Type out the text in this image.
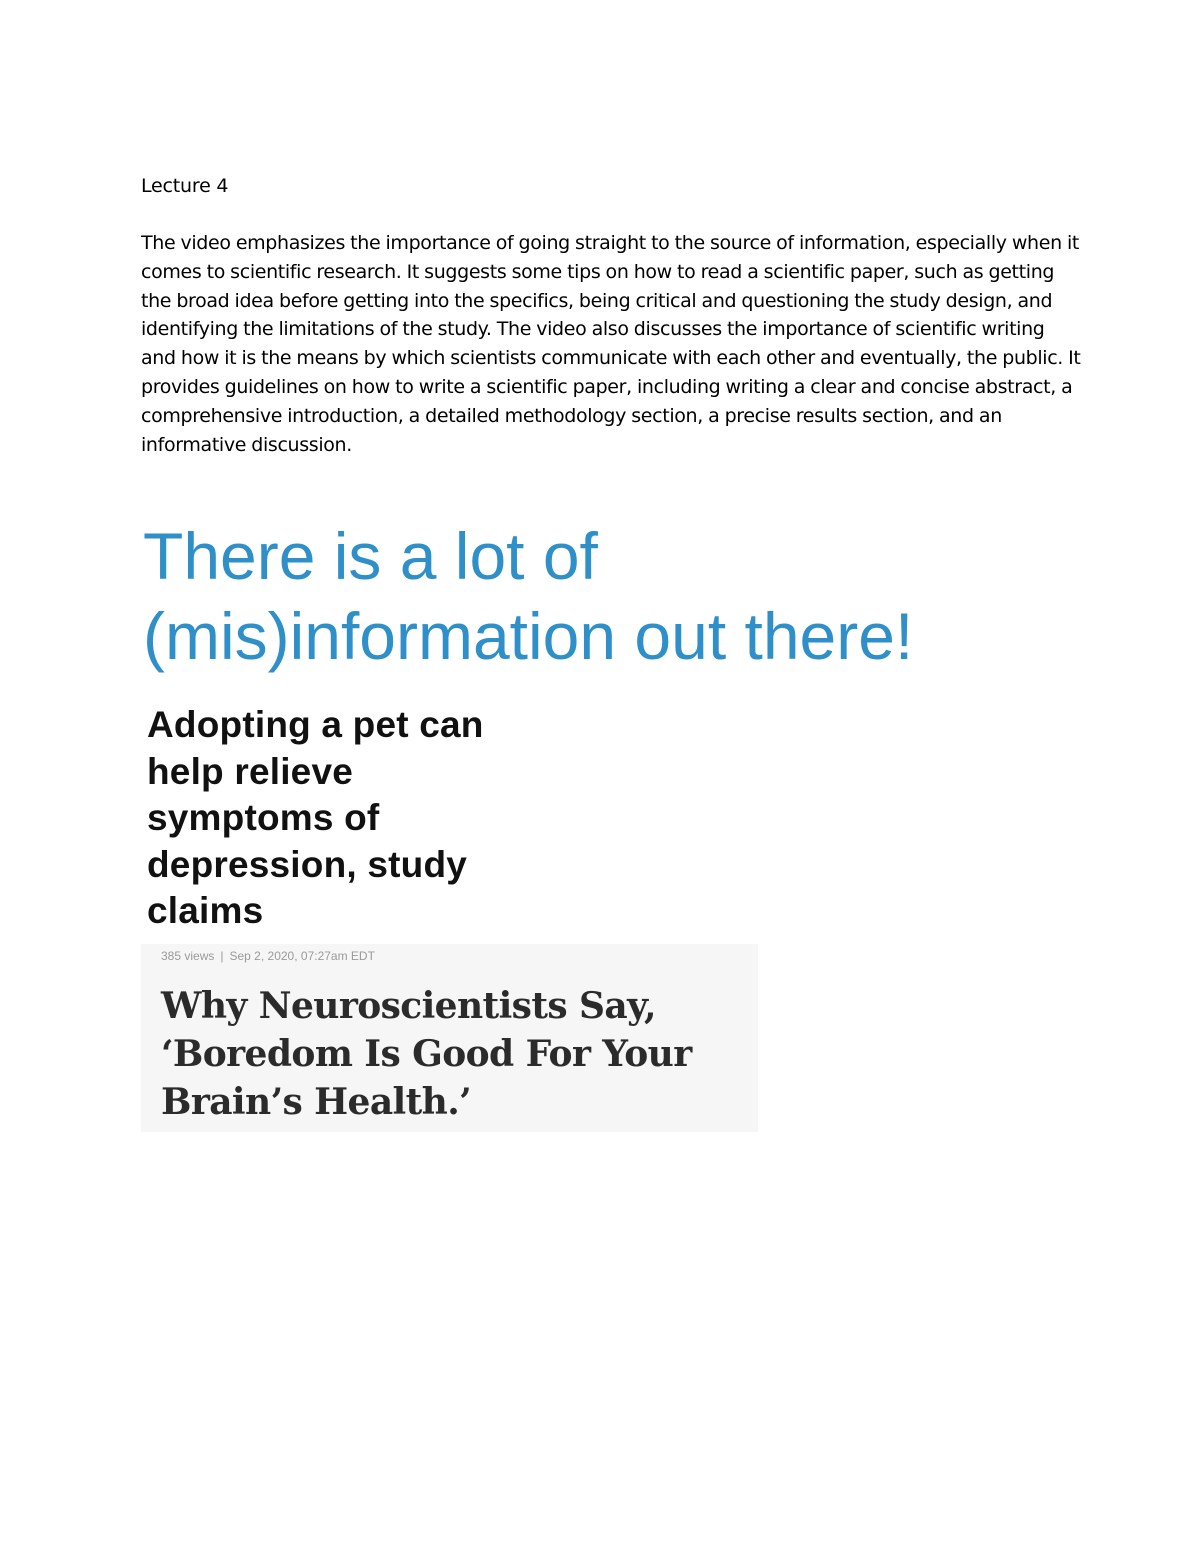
Lecture 4
The video emphasizes the importance of going straight to the source of information, especially when it comes to scientific research. It suggests some tips on how to read a scientific paper, such as getting the broad idea before getting into the specifics, being critical and questioning the study design, and identifying the limitations of the study. The video also discusses the importance of scientific writing and how it is the means by which scientists communicate with each other and eventually, the public. It provides guidelines on how to write a scientific paper, including writing a clear and concise abstract, a comprehensive introduction, a detailed methodology section, a precise results section, and an informative discussion.
There is a lot of
(mis)information out there!
Adopting a pet can
help relieve
symptoms of
depression, study
claims
385 views | Sep 2, 2020, 07:27am EDT
Why Neuroscientists Say,
‘Boredom Is Good For Your
Brain’s Health.’
